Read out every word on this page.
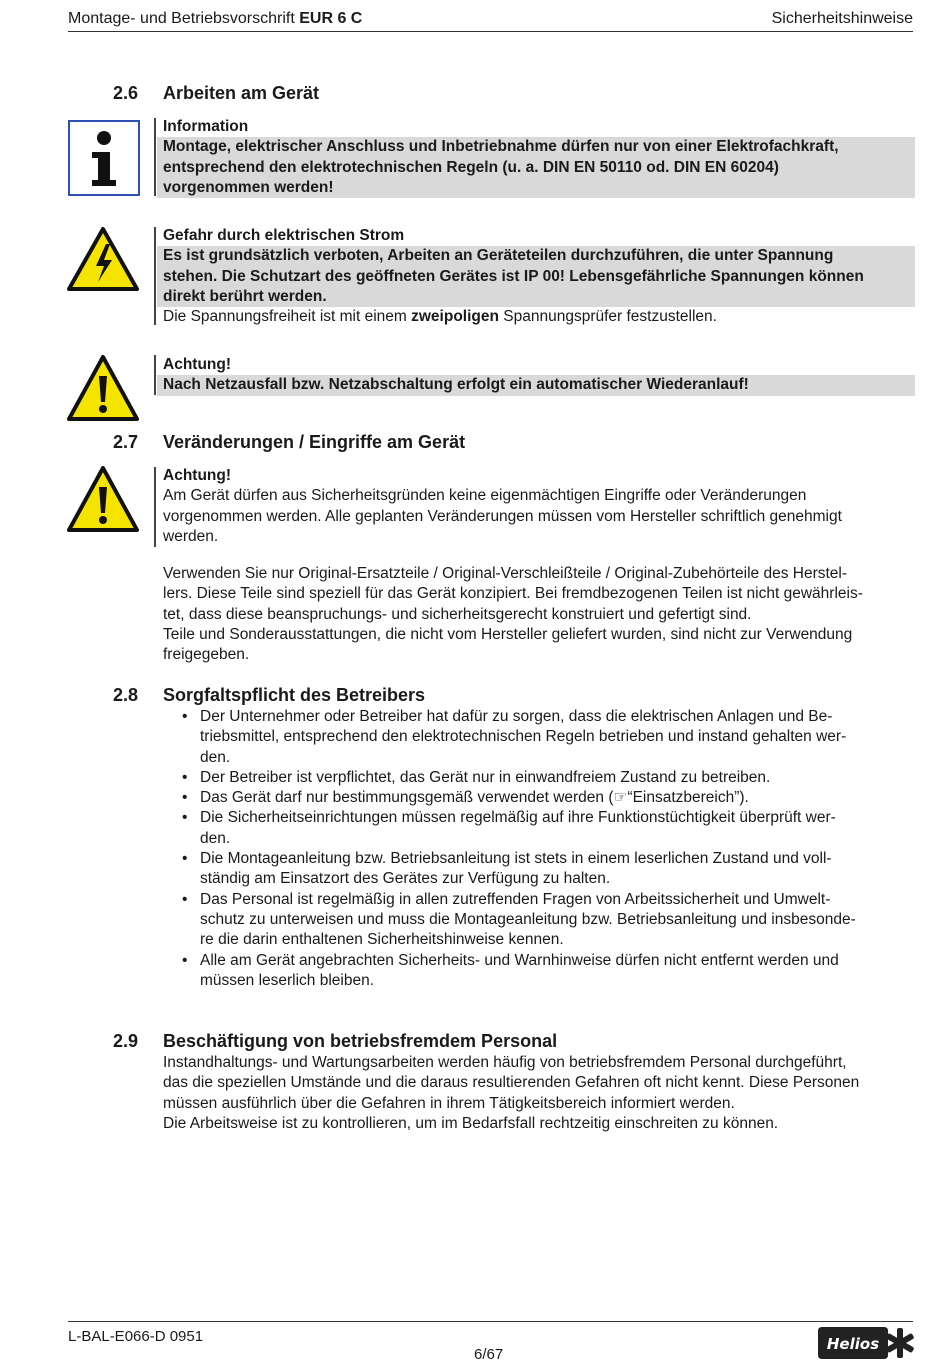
Montage- und Betriebsvorschrift EUR 6 C	Sicherheitshinweise
2.6 Arbeiten am Gerät
Information
Montage, elektrischer Anschluss und Inbetriebnahme dürfen nur von einer Elektrofachkraft,
entsprechend den elektrotechnischen Regeln (u. a. DIN EN 50110 od. DIN EN 60204)
vorgenommen werden!
Gefahr durch elektrischen Strom
Es ist grundsätzlich verboten, Arbeiten an Geräteteilen durchzuführen, die unter Spannung
stehen. Die Schutzart des geöffneten Gerätes ist IP 00! Lebensgefährliche Spannungen können
direkt berührt werden.
Die Spannungsfreiheit ist mit einem zweipoligen Spannungsprüfer festzustellen.
Achtung!
Nach Netzausfall bzw. Netzabschaltung erfolgt ein automatischer Wiederanlauf!
2.7 Veränderungen / Eingriffe am Gerät
Achtung!
Am Gerät dürfen aus Sicherheitsgründen keine eigenmächtigen Eingriffe oder Veränderungen
vorgenommen werden. Alle geplanten Veränderungen müssen vom Hersteller schriftlich genehmigt
werden.
Verwenden Sie nur Original-Ersatzteile / Original-Verschleißteile / Original-Zubehörteile des Herstel-
lers. Diese Teile sind speziell für das Gerät konzipiert. Bei fremdbezogenen Teilen ist nicht gewährleis-
tet, dass diese beanspruchungs- und sicherheitsgerecht konstruiert und gefertigt sind.
Teile und Sonderausstattungen, die nicht vom Hersteller geliefert wurden, sind nicht zur Verwendung
freigegeben.
2.8 Sorgfaltspflicht des Betreibers
• Der Unternehmer oder Betreiber hat dafür zu sorgen, dass die elektrischen Anlagen und Be-
triebsmittel, entsprechend den elektrotechnischen Regeln betrieben und instand gehalten wer-
den.
• Der Betreiber ist verpflichtet, das Gerät nur in einwandfreiem Zustand zu betreiben.
• Das Gerät darf nur bestimmungsgemäß verwendet werden (☞“Einsatzbereich”).
• Die Sicherheitseinrichtungen müssen regelmäßig auf ihre Funktionstüchtigkeit überprüft wer-
den.
• Die Montageanleitung bzw. Betriebsanleitung ist stets in einem leserlichen Zustand und voll-
ständig am Einsatzort des Gerätes zur Verfügung zu halten.
• Das Personal ist regelmäßig in allen zutreffenden Fragen von Arbeitssicherheit und Umwelt-
schutz zu unterweisen und muss die Montageanleitung bzw. Betriebsanleitung und insbesonde-
re die darin enthaltenen Sicherheitshinweise kennen.
• Alle am Gerät angebrachten Sicherheits- und Warnhinweise dürfen nicht entfernt werden und
müssen leserlich bleiben.
2.9 Beschäftigung von betriebsfremdem Personal
Instandhaltungs- und Wartungsarbeiten werden häufig von betriebsfremdem Personal durchgeführt,
das die speziellen Umstände und die daraus resultierenden Gefahren oft nicht kennt. Diese Personen
müssen ausführlich über die Gefahren in ihrem Tätigkeitsbereich informiert werden.
Die Arbeitsweise ist zu kontrollieren, um im Bedarfsfall rechtzeitig einschreiten zu können.
L-BAL-E066-D 0951
6/67
Helios
